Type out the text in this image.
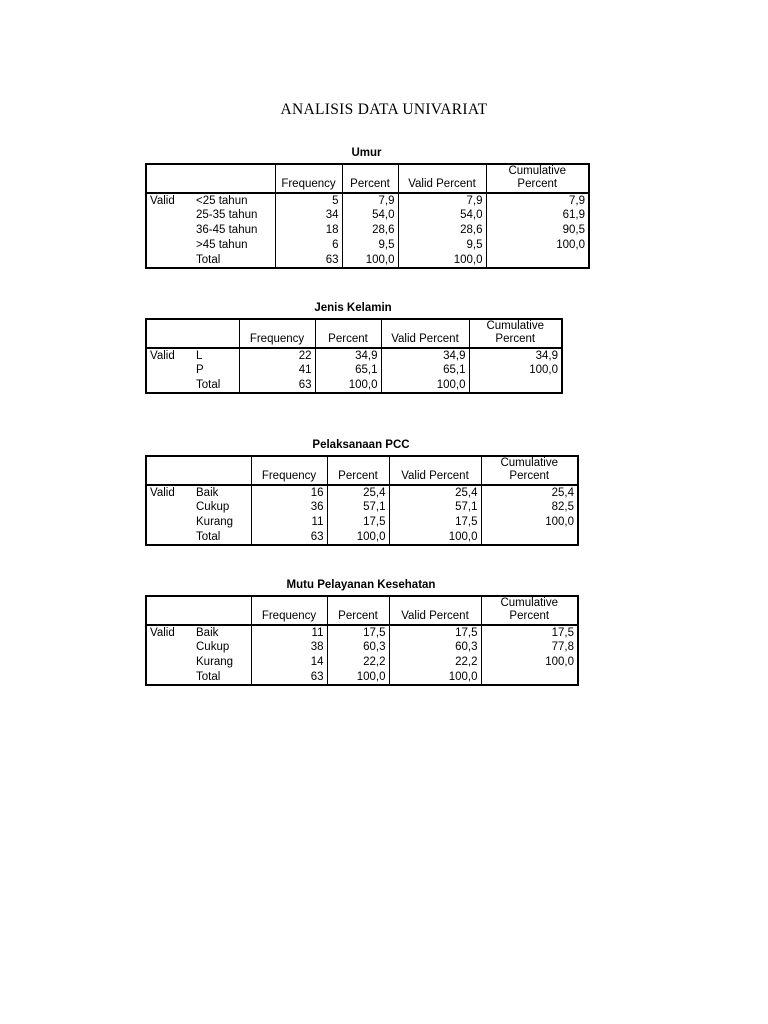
ANALISIS DATA UNIVARIAT
Umur
		Frequency	Percent	Valid Percent	Cumulative Percent
Valid	<25 tahun	5	7,9	7,9	7,9
	25-35 tahun	34	54,0	54,0	61,9
	36-45 tahun	18	28,6	28,6	90,5
	>45 tahun	6	9,5	9,5	100,0
	Total	63	100,0	100,0	
Jenis Kelamin
		Frequency	Percent	Valid Percent	Cumulative Percent
Valid	L	22	34,9	34,9	34,9
	P	41	65,1	65,1	100,0
	Total	63	100,0	100,0	
Pelaksanaan PCC
		Frequency	Percent	Valid Percent	Cumulative Percent
Valid	Baik	16	25,4	25,4	25,4
	Cukup	36	57,1	57,1	82,5
	Kurang	11	17,5	17,5	100,0
	Total	63	100,0	100,0	
Mutu Pelayanan Kesehatan
		Frequency	Percent	Valid Percent	Cumulative Percent
Valid	Baik	11	17,5	17,5	17,5
	Cukup	38	60,3	60,3	77,8
	Kurang	14	22,2	22,2	100,0
	Total	63	100,0	100,0	
